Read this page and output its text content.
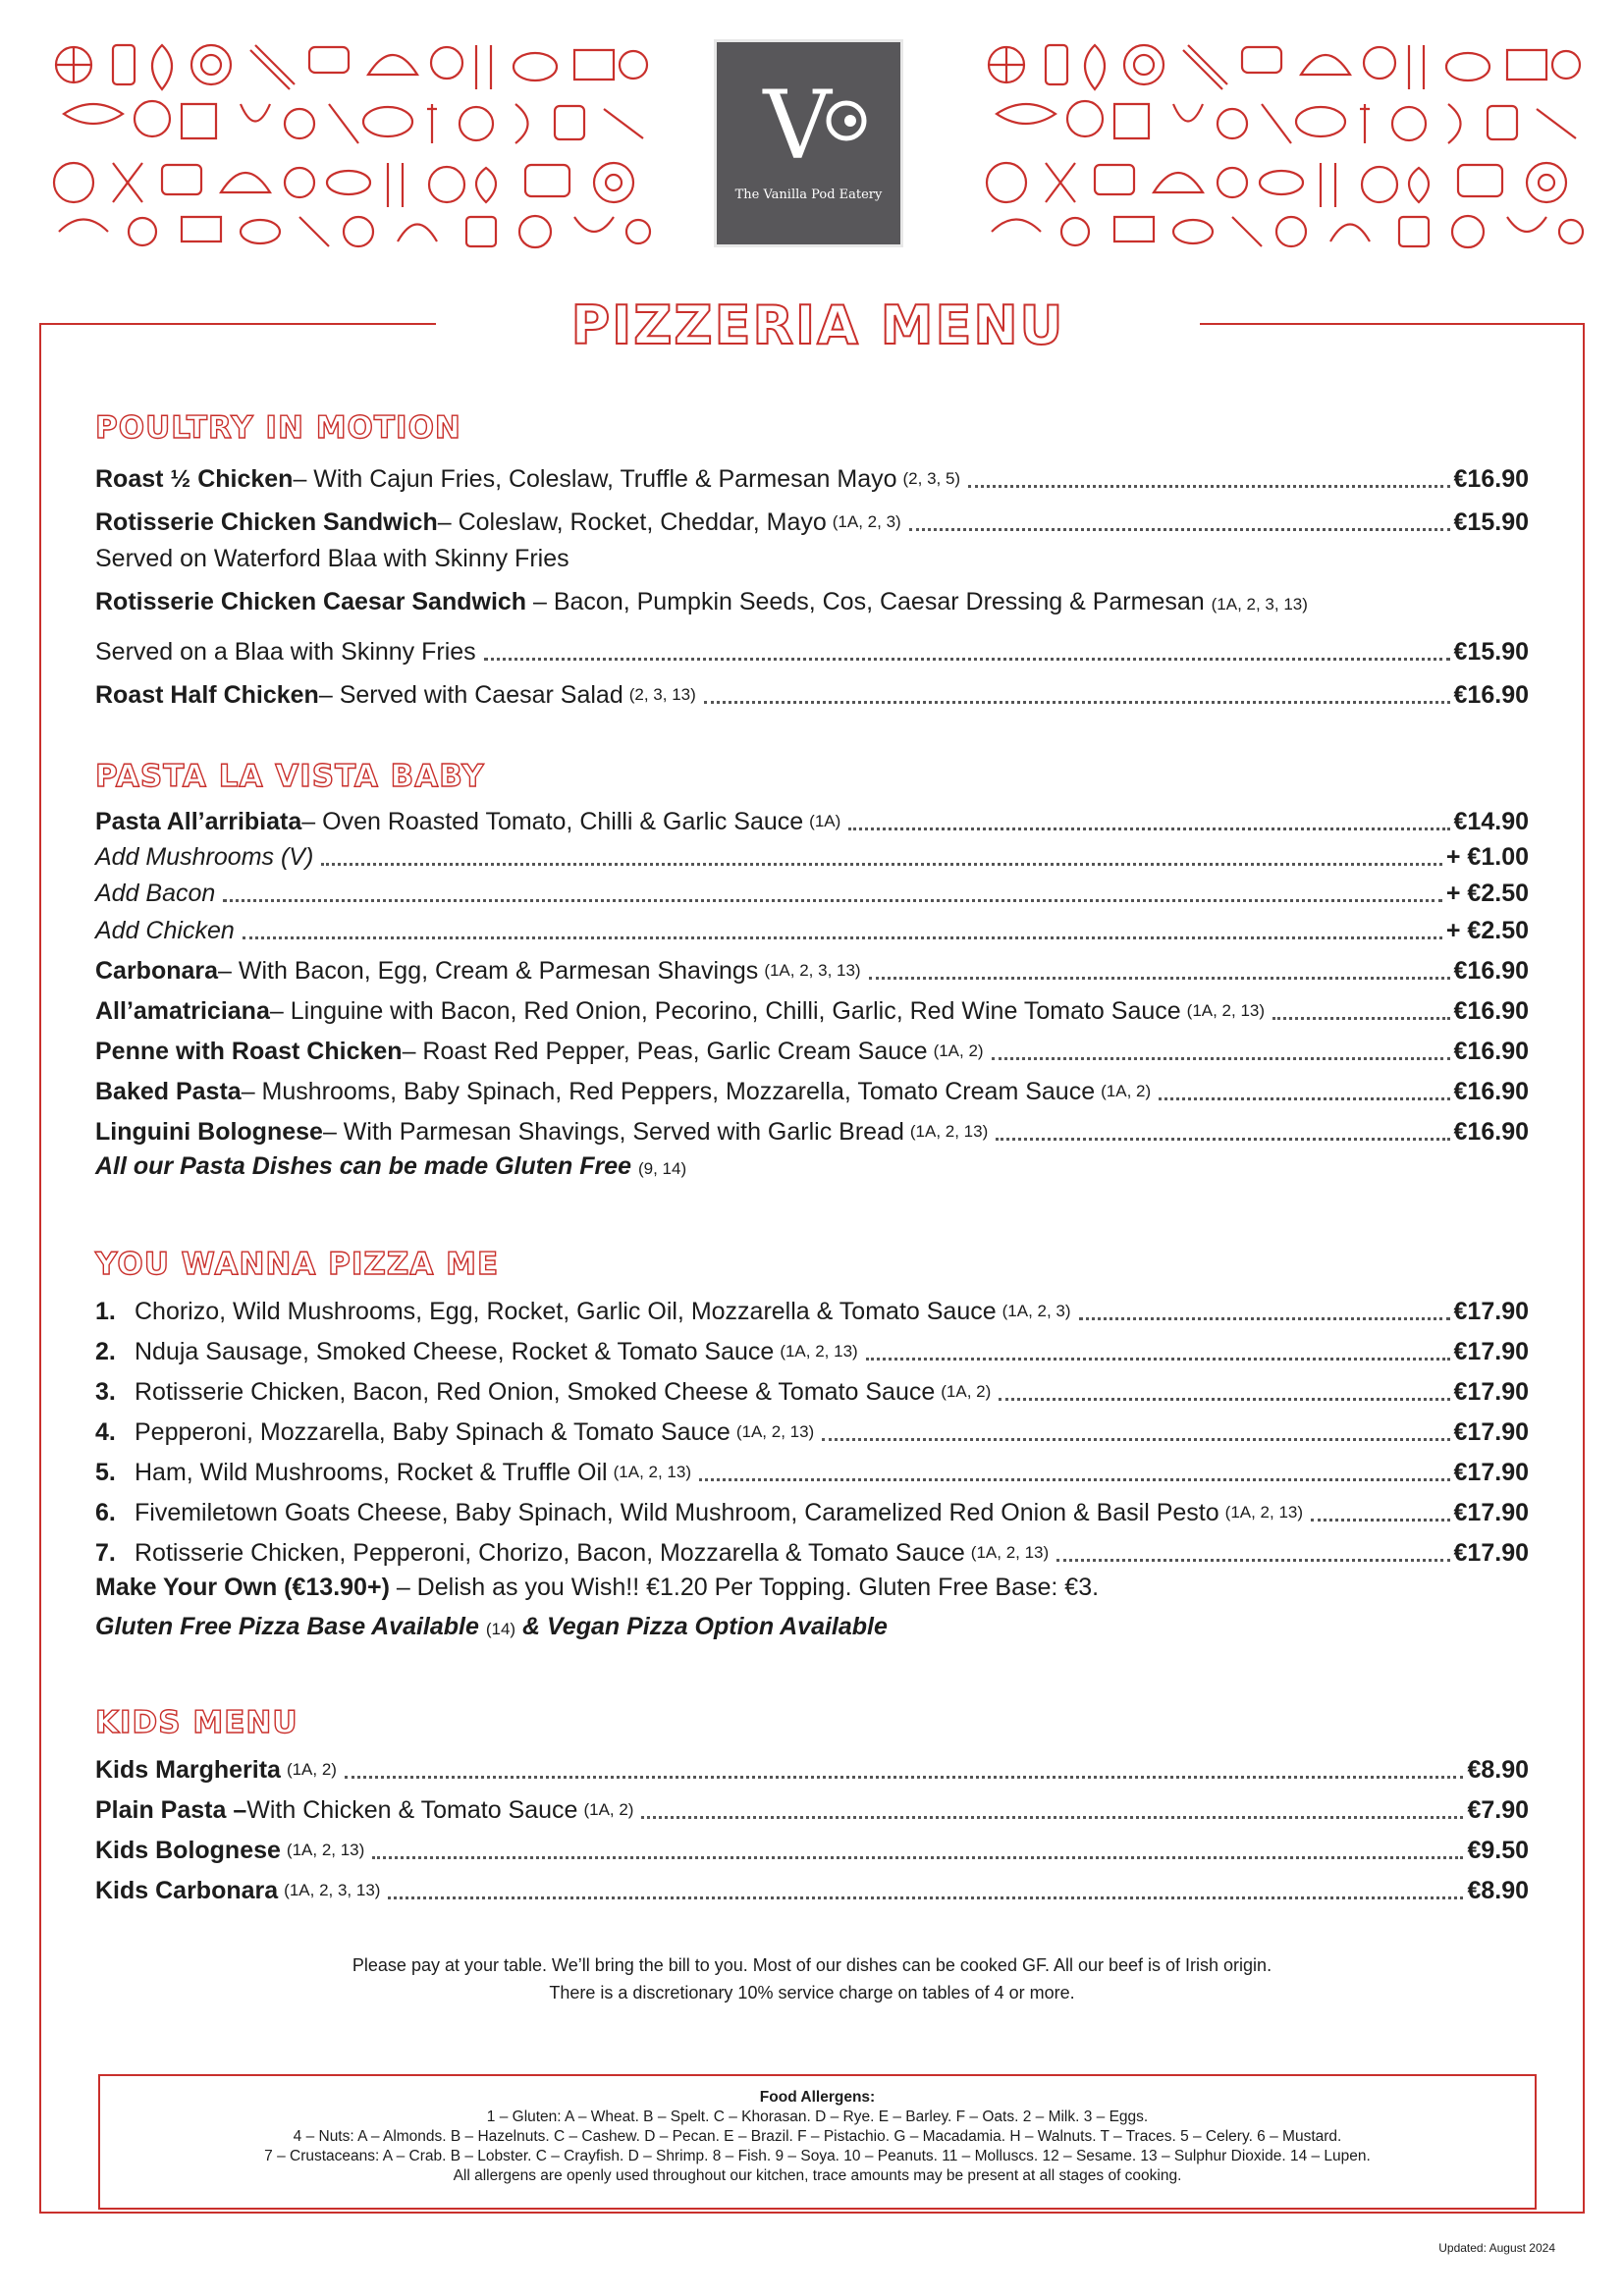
V
The Vanilla Pod Eatery
PIZZERIA MENU
POULTRY IN MOTION
Roast ½ Chicken – With Cajun Fries, Coleslaw, Truffle & Parmesan Mayo (2, 3, 5)	€16.90
Rotisserie Chicken Sandwich – Coleslaw, Rocket, Cheddar, Mayo (1A, 2, 3)	€15.90
Served on Waterford Blaa with Skinny Fries
Rotisserie Chicken Caesar Sandwich – Bacon, Pumpkin Seeds, Cos, Caesar Dressing & Parmesan (1A, 2, 3, 13)
Served on a Blaa with Skinny Fries	€15.90
Roast Half Chicken – Served with Caesar Salad (2, 3, 13)	€16.90
PASTA LA VISTA BABY
Pasta All’arribiata – Oven Roasted Tomato, Chilli & Garlic Sauce (1A)	€14.90
Add Mushrooms (V)	+ €1.00
Add Bacon	+ €2.50
Add Chicken	+ €2.50
Carbonara – With Bacon, Egg, Cream & Parmesan Shavings (1A, 2, 3, 13)	€16.90
All’amatriciana – Linguine with Bacon, Red Onion, Pecorino, Chilli, Garlic, Red Wine Tomato Sauce (1A, 2, 13)	€16.90
Penne with Roast Chicken – Roast Red Pepper, Peas, Garlic Cream Sauce (1A, 2)	€16.90
Baked Pasta – Mushrooms, Baby Spinach, Red Peppers, Mozzarella, Tomato Cream Sauce (1A, 2)	€16.90
Linguini Bolognese – With Parmesan Shavings, Served with Garlic Bread (1A, 2, 13)	€16.90
All our Pasta Dishes can be made Gluten Free (9, 14)
YOU WANNA PIZZA ME
1. Chorizo, Wild Mushrooms, Egg, Rocket, Garlic Oil, Mozzarella & Tomato Sauce (1A, 2, 3)	€17.90
2. Nduja Sausage, Smoked Cheese, Rocket & Tomato Sauce (1A, 2, 13)	€17.90
3. Rotisserie Chicken, Bacon, Red Onion, Smoked Cheese & Tomato Sauce (1A, 2)	€17.90
4. Pepperoni, Mozzarella, Baby Spinach & Tomato Sauce (1A, 2, 13)	€17.90
5. Ham, Wild Mushrooms, Rocket & Truffle Oil (1A, 2, 13)	€17.90
6. Fivemiletown Goats Cheese, Baby Spinach, Wild Mushroom, Caramelized Red Onion & Basil Pesto (1A, 2, 13)	€17.90
7. Rotisserie Chicken, Pepperoni, Chorizo, Bacon, Mozzarella & Tomato Sauce (1A, 2, 13)	€17.90
Make Your Own (€13.90+) – Delish as you Wish!! €1.20 Per Topping. Gluten Free Base: €3.
Gluten Free Pizza Base Available (14) & Vegan Pizza Option Available
KIDS MENU
Kids Margherita (1A, 2)	€8.90
Plain Pasta – With Chicken & Tomato Sauce (1A, 2)	€7.90
Kids Bolognese (1A, 2, 13)	€9.50
Kids Carbonara (1A, 2, 3, 13)	€8.90
Please pay at your table. We’ll bring the bill to you. Most of our dishes can be cooked GF. All our beef is of Irish origin.
There is a discretionary 10% service charge on tables of 4 or more.
Food Allergens:
1 – Gluten: A – Wheat. B – Spelt. C – Khorasan. D – Rye. E – Barley. F – Oats. 2 – Milk. 3 – Eggs.
4 – Nuts: A – Almonds. B – Hazelnuts. C – Cashew. D – Pecan. E – Brazil. F – Pistachio. G – Macadamia. H – Walnuts. T – Traces. 5 – Celery. 6 – Mustard.
7 – Crustaceans: A – Crab. B – Lobster. C – Crayfish. D – Shrimp. 8 – Fish. 9 – Soya. 10 – Peanuts. 11 – Molluscs. 12 – Sesame. 13 – Sulphur Dioxide. 14 – Lupen.
All allergens are openly used throughout our kitchen, trace amounts may be present at all stages of cooking.
Updated: August 2024
